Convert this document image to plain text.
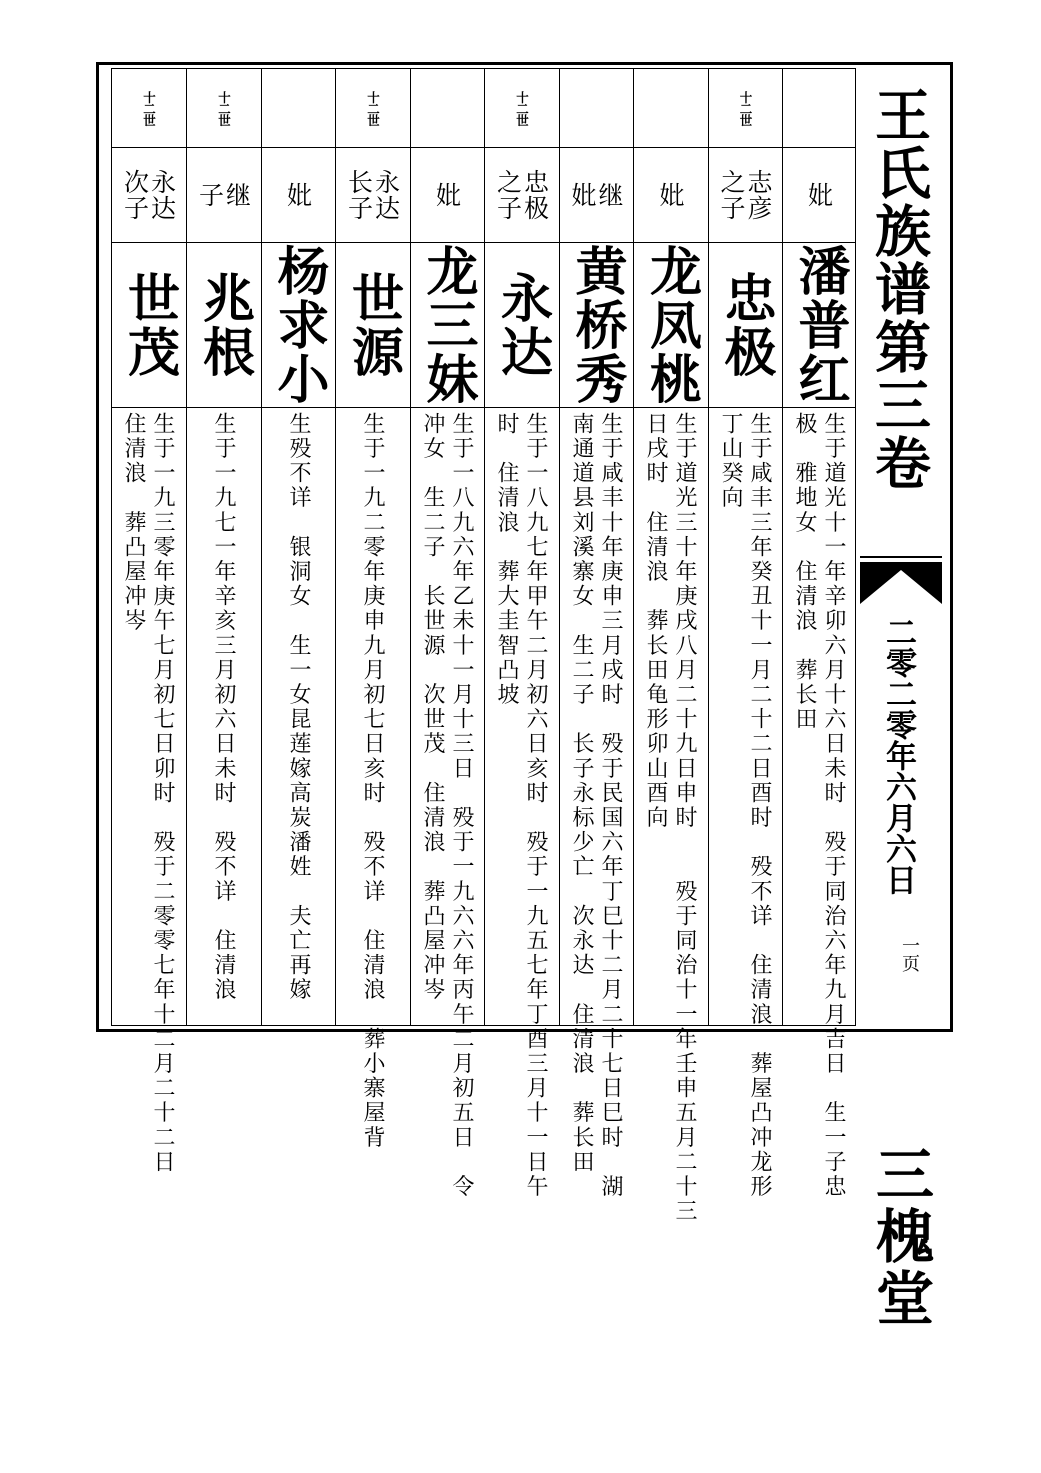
王氏族谱第三卷
二零二零年六月六日
一页
三槐堂
十二世
志彦
之子
忠极
生于咸丰三年癸丑十一月二十二日酉时　殁不详　住清浪　葬屋凸冲龙形
丁山癸向
妣
潘普红
生于道光十一年辛卯六月十六日未时　殁于同治六年九月吉日　生一子忠
极　雅地女　住清浪　葬长田
妣
龙凤桃
生于道光三十年庚戌八月二十九日申时　　殁于同治十一年壬申五月二十三
日戌时　住清浪　葬长田龟形卯山酉向
继
妣
黄桥秀
生于咸丰十年庚申三月戌时　殁于民国六年丁巳十二月二十七日巳时　湖
南通道县刘溪寨女　生二子　长子永标少亡　次永达　住清浪　葬长田
十二世
忠极
之子
永达
生于一八九七年甲午二月初六日亥时　殁于一九五七年丁酉三月十一日午
时　住清浪　葬大圭智凸坡
妣
龙三妹
生于一八九六年乙未十一月十三日　殁于一九六六年丙午二月初五日　令
冲女　生二子　长世源　次世茂　住清浪　葬凸屋冲岑
十二世
永达
长子
世源
生于一九二零年庚申九月初七日亥时　殁不详　住清浪　葬小寨屋背
妣
杨求小
生殁不详　银洞女　生一女昆莲嫁高炭潘姓　夫亡再嫁
十二世
继
子
兆根
生于一九七一年辛亥三月初六日未时　殁不详　住清浪
十二世
永达
次子
世茂
生于一九三零年庚午七月初七日卯时　殁于二零零七年十二月二十二日
住清浪　葬凸屋冲岑
